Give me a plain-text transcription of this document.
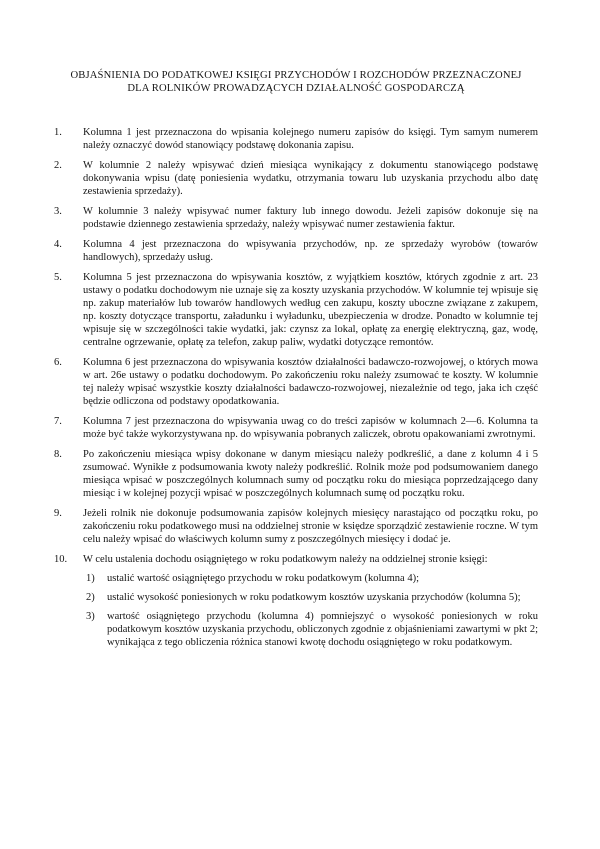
OBJAŚNIENIA DO PODATKOWEJ KSIĘGI PRZYCHODÓW I ROZCHODÓW PRZEZNACZONEJ
DLA ROLNIKÓW PROWADZĄCYCH DZIAŁALNOŚĆ GOSPODARCZĄ
1.	Kolumna 1 jest przeznaczona do wpisania kolejnego numeru zapisów do księgi. Tym samym numerem należy oznaczyć dowód stanowiący podstawę dokonania zapisu.

2.	W kolumnie 2 należy wpisywać dzień miesiąca wynikający z dokumentu stanowiącego podstawę dokonywania wpisu (datę poniesienia wydatku, otrzymania towaru lub uzyskania przychodu albo datę zestawienia sprzedaży).

3.	W kolumnie 3 należy wpisywać numer faktury lub innego dowodu. Jeżeli zapisów dokonuje się na podstawie dziennego zestawienia sprzedaży, należy wpisywać numer zestawienia faktur.

4.	Kolumna 4 jest przeznaczona do wpisywania przychodów, np. ze sprzedaży wyrobów (towarów handlowych), sprzedaży usług.

5.	Kolumna 5 jest przeznaczona do wpisywania kosztów, z wyjątkiem kosztów, których zgodnie z art. 23 ustawy o podatku dochodowym nie uznaje się za koszty uzyskania przychodów. W kolumnie tej wpisuje się np. zakup materiałów lub towarów handlowych według cen zakupu, koszty uboczne związane z zakupem, np. koszty dotyczące transportu, załadunku i wyładunku, ubezpieczenia w drodze. Ponadto w kolumnie tej wpisuje się w szczególności takie wydatki, jak: czynsz za lokal, opłatę za energię elektryczną, gaz, wodę, centralne ogrzewanie, opłatę za telefon, zakup paliw, wydatki dotyczące remontów.

6.	Kolumna 6 jest przeznaczona do wpisywania kosztów działalności badawczo-rozwojowej, o których mowa w art. 26e ustawy o podatku dochodowym. Po zakończeniu roku należy zsumować te koszty. W kolumnie tej należy wpisać wszystkie koszty działalności badawczo-rozwojowej, niezależnie od tego, jaka ich część będzie odliczona od podstawy opodatkowania.

7.	Kolumna 7 jest przeznaczona do wpisywania uwag co do treści zapisów w kolumnach 2—6. Kolumna ta może być także wykorzystywana np. do wpisywania pobranych zaliczek, obrotu opakowaniami zwrotnymi.

8.	Po zakończeniu miesiąca wpisy dokonane w danym miesiącu należy podkreślić, a dane z kolumn 4 i 5 zsumować. Wynikłe z podsumowania kwoty należy podkreślić. Rolnik może pod podsumowaniem danego miesiąca wpisać w poszczególnych kolumnach sumy od początku roku do miesiąca poprzedzającego dany miesiąc i w kolejnej pozycji wpisać w poszczególnych kolumnach sumę od początku roku.

9.	Jeżeli rolnik nie dokonuje podsumowania zapisów kolejnych miesięcy narastająco od początku roku, po zakończeniu roku podatkowego musi na oddzielnej stronie w księdze sporządzić zestawienie roczne. W tym celu należy wpisać do właściwych kolumn sumy z poszczególnych miesięcy i dodać je.

10.	W celu ustalenia dochodu osiągniętego w roku podatkowym należy na oddzielnej stronie księgi:

1)	ustalić wartość osiągniętego przychodu w roku podatkowym (kolumna 4);

2)	ustalić wysokość poniesionych w roku podatkowym kosztów uzyskania przychodów (kolumna 5);

3)	wartość osiągniętego przychodu (kolumna 4) pomniejszyć o wysokość poniesionych w roku podatkowym kosztów uzyskania przychodu, obliczonych zgodnie z objaśnieniami zawartymi w pkt 2; wynikająca z tego obliczenia różnica stanowi kwotę dochodu osiągniętego w roku podatkowym.
